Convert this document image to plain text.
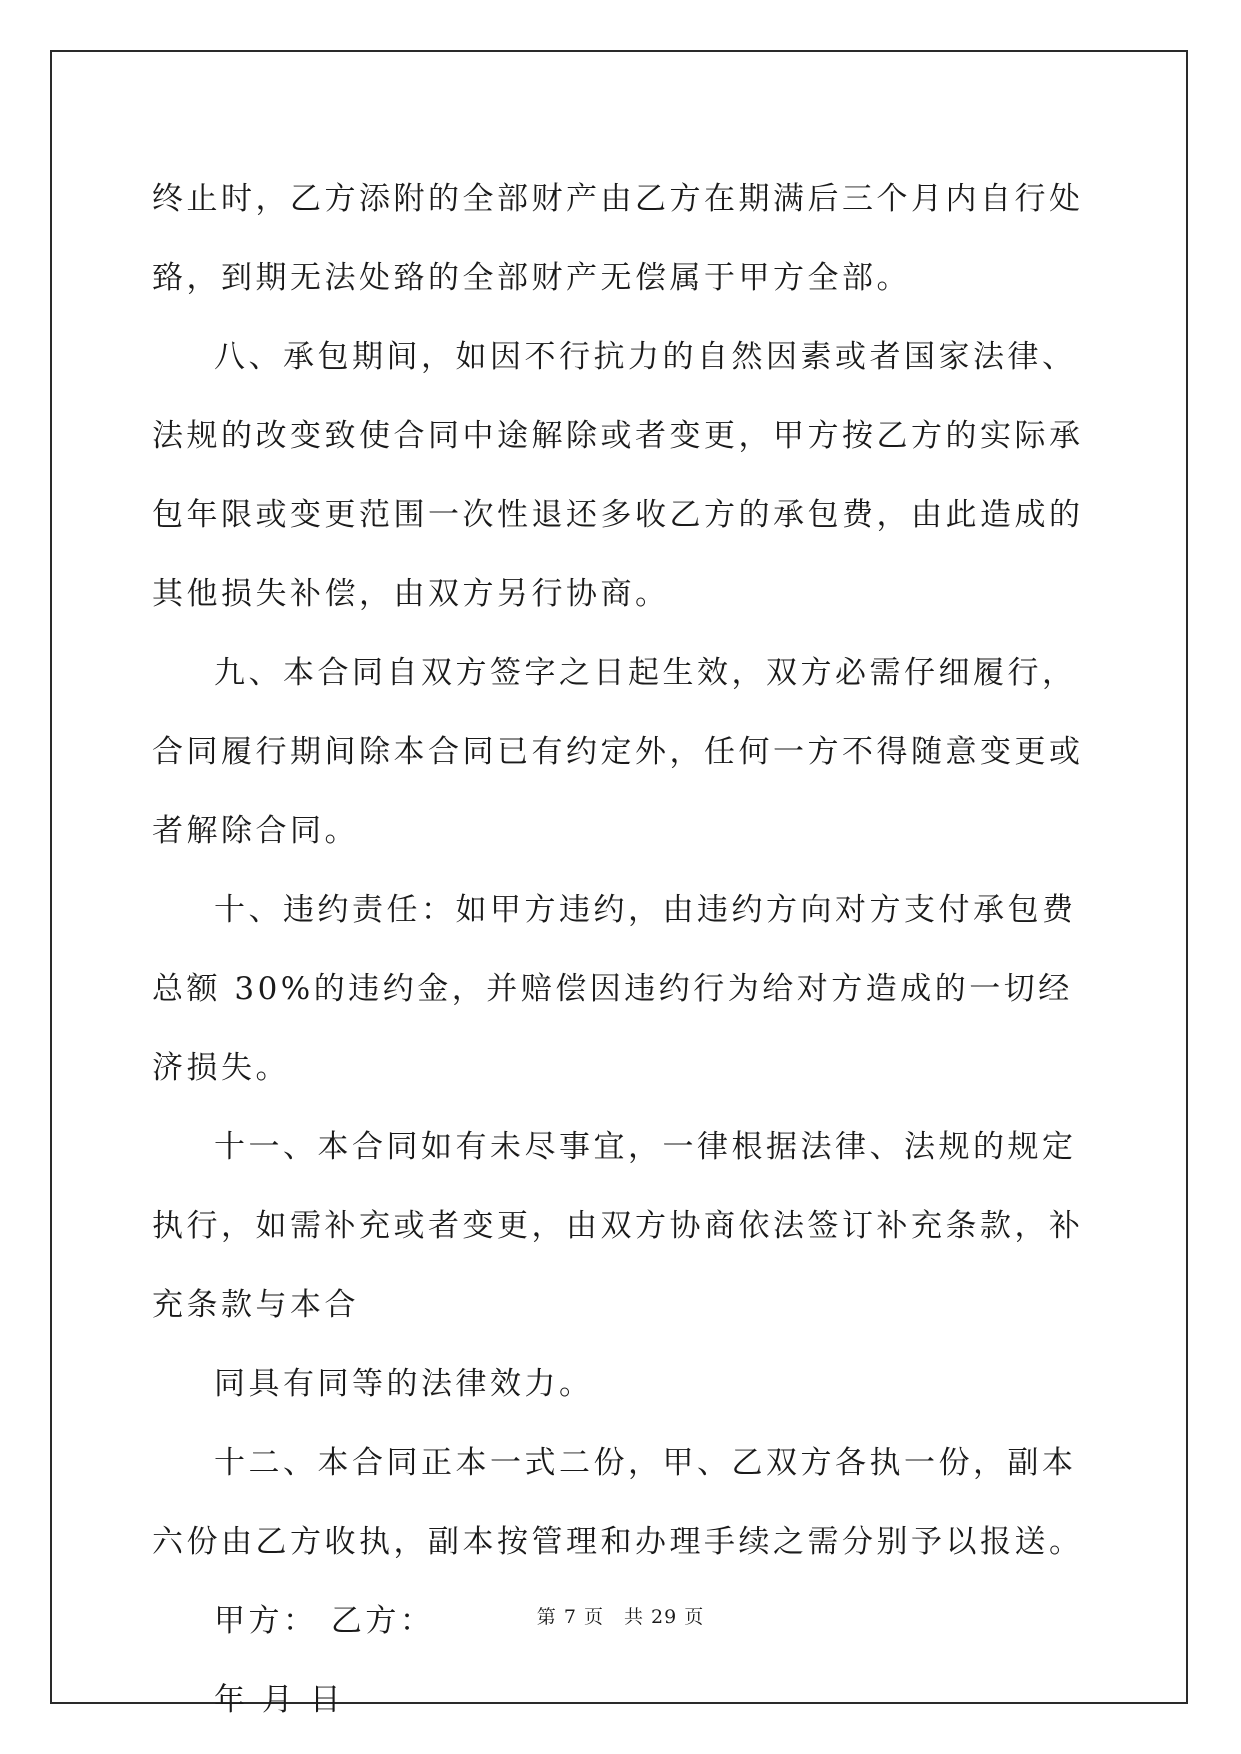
终止时，乙方添附的全部财产由乙方在期满后三个月内自行处臵，到期无法处臵的全部财产无偿属于甲方全部。

八、承包期间，如因不行抗力的自然因素或者国家法律、法规的改变致使合同中途解除或者变更，甲方按乙方的实际承包年限或变更范围一次性退还多收乙方的承包费，由此造成的其他损失补偿，由双方另行协商。

九、本合同自双方签字之日起生效，双方必需仔细履行，合同履行期间除本合同已有约定外，任何一方不得随意变更或者解除合同。

十、违约责任：如甲方违约，由违约方向对方支付承包费总额 30%的违约金，并赔偿因违约行为给对方造成的一切经济损失。

十一、本合同如有未尽事宜，一律根据法律、法规的规定执行，如需补充或者变更，由双方协商依法签订补充条款，补充条款与本合

同具有同等的法律效力。

十二、本合同正本一式二份，甲、乙双方各执一份，副本六份由乙方收执，副本按管理和办理手续之需分别予以报送。

甲方： 乙方：

年 月 日

第 7 页　共 29 页
